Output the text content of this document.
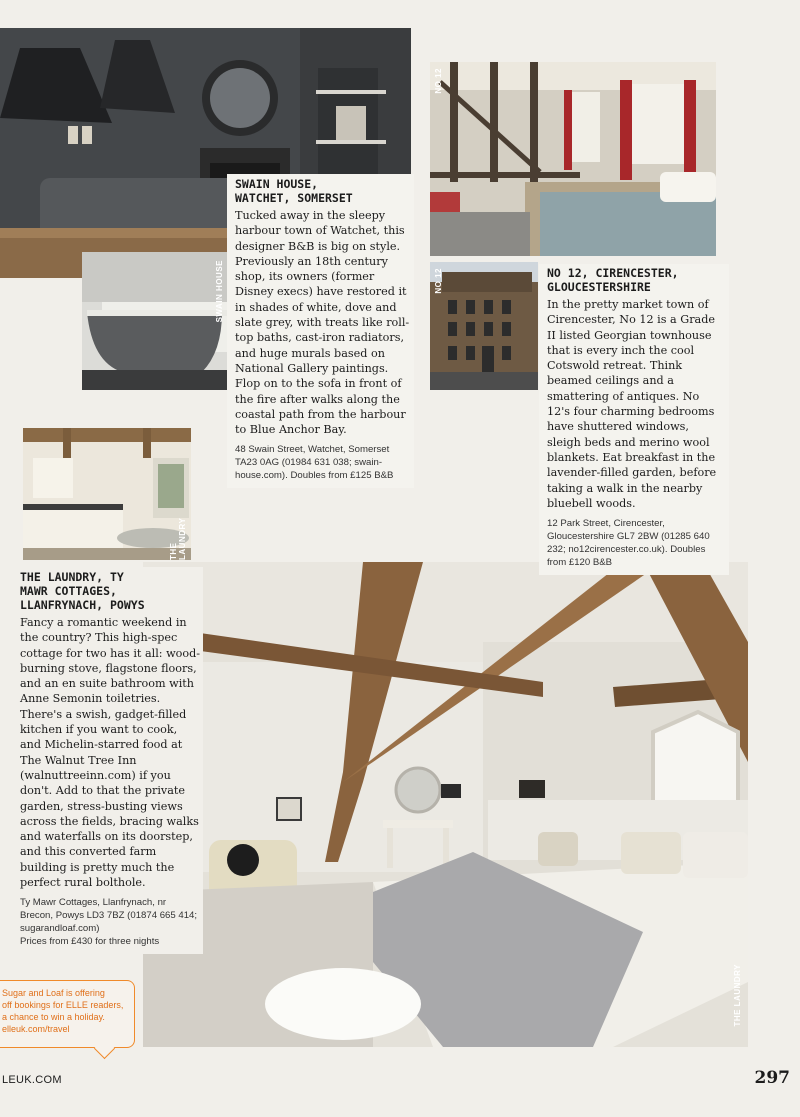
SWAIN HOUSE
NO 12
NO 12
THE LAUNDRY
THE LAUNDRY

SWAIN HOUSE,
WATCHET, SOMERSET

Tucked away in the sleepy harbour town of Watchet, this designer B&B is big on style. Previously an 18th century shop, its owners (former Disney execs) have restored it in shades of white, dove and slate grey, with treats like roll-top baths, cast-iron radiators, and huge murals based on National Gallery paintings. Flop on to the sofa in front of the fire after walks along the coastal path from the harbour to Blue Anchor Bay.

48 Swain Street, Watchet, Somerset TA23 0AG (01984 631 038; swain-house.com). Doubles from £125 B&B

NO 12, CIRENCESTER,
GLOUCESTERSHIRE

In the pretty market town of Cirencester, No 12 is a Grade II listed Georgian townhouse that is every inch the cool Cotswold retreat. Think beamed ceilings and a smattering of antiques. No 12's four charming bedrooms have shuttered windows, sleigh beds and merino wool blankets. Eat breakfast in the lavender-filled garden, before taking a walk in the nearby bluebell woods.

12 Park Street, Cirencester, Gloucestershire GL7 2BW (01285 640 232; no12cirencester.co.uk). Doubles from £120 B&B

THE LAUNDRY, TY
MAWR COTTAGES,
LLANFRYNACH, POWYS

Fancy a romantic weekend in the country? This high-spec cottage for two has it all: wood-burning stove, flagstone floors, and an en suite bathroom with Anne Semonin toiletries. There's a swish, gadget-filled kitchen if you want to cook, and Michelin-starred food at The Walnut Tree Inn (walnuttreeinn.com) if you don't. Add to that the private garden, stress-busting views across the fields, bracing walks and waterfalls on its doorstep, and this converted farm building is pretty much the perfect rural bolthole.

Ty Mawr Cottages, Llanfrynach, nr Brecon, Powys LD3 7BZ (01874 665 414; sugarandloaf.com)
Prices from £430 for three nights

Sugar and Loaf is offering
off bookings for ELLE readers,
a chance to win a holiday.
elleuk.com/travel
LEUK.COM	297
